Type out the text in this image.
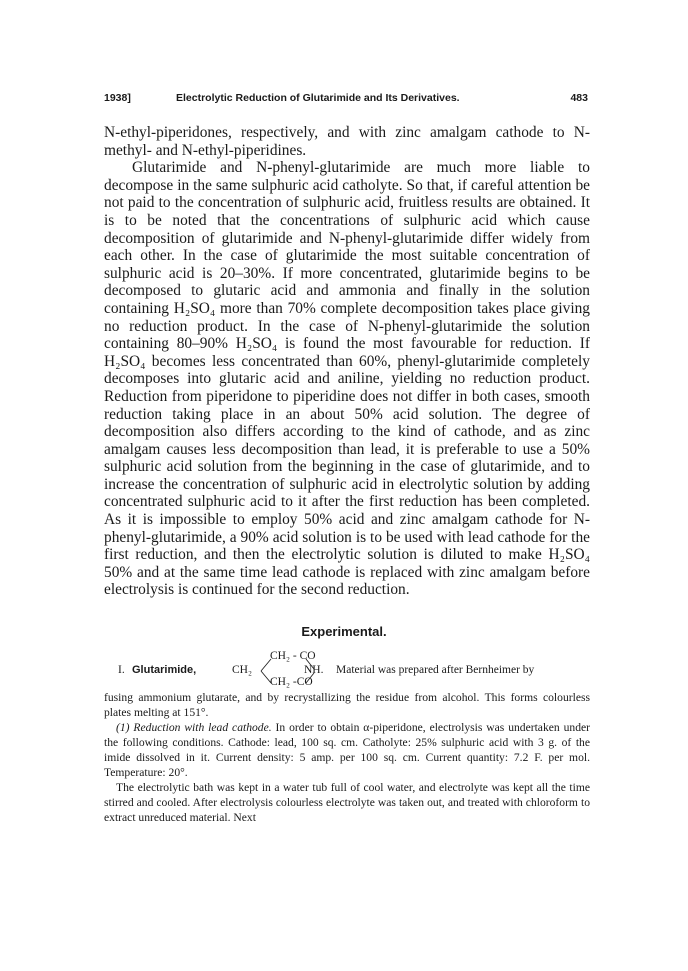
1938]	Electrolytic Reduction of Glutarimide and Its Derivatives.	483

N-ethyl-piperidones, respectively, and with zinc amalgam cathode to N-methyl- and N-ethyl-piperidines.

Glutarimide and N-phenyl-glutarimide are much more liable to decompose in the same sulphuric acid catholyte. So that, if careful attention be not paid to the concentration of sulphuric acid, fruitless results are obtained. It is to be noted that the concentrations of sulphuric acid which cause decomposition of glutarimide and N-phenyl-glutarimide differ widely from each other. In the case of glutarimide the most suitable concentration of sulphuric acid is 20–30%. If more concentrated, glutarimide begins to be decomposed to glutaric acid and ammonia and finally in the solution containing H₂SO₄ more than 70% complete decomposition takes place giving no reduction product. In the case of N-phenyl-glutarimide the solution containing 80–90% H₂SO₄ is found the most favourable for reduction. If H₂SO₄ becomes less concentrated than 60%, phenyl-glutarimide completely decomposes into glutaric acid and aniline, yielding no reduction product. Reduction from piperidone to piperidine does not differ in both cases, smooth reduction taking place in an about 50% acid solution. The degree of decomposition also differs according to the kind of cathode, and as zinc amalgam causes less decomposition than lead, it is preferable to use a 50% sulphuric acid solution from the beginning in the case of glutarimide, and to increase the concentration of sulphuric acid in electrolytic solution by adding concentrated sulphuric acid to it after the first reduction has been completed. As it is impossible to employ 50% acid and zinc amalgam cathode for N-phenyl-glutarimide, a 90% acid solution is to be used with lead cathode for the first reduction, and then the electrolytic solution is diluted to make H₂SO₄ 50% and at the same time lead cathode is replaced with zinc amalgam before electrolysis is continued for the second reduction.

Experimental.
I. Glutarimide,	CH₂
CH₂ - CO
CH₂ -CO
NH. Material was prepared after Bernheimer by

fusing ammonium glutarate, and by recrystallizing the residue from alcohol. This forms colourless plates melting at 151°.

(1) Reduction with lead cathode. In order to obtain α-piperidone, electrolysis was undertaken under the following conditions. Cathode: lead, 100 sq. cm. Catholyte: 25% sulphuric acid with 3 g. of the imide dissolved in it. Current density: 5 amp. per 100 sq. cm. Current quantity: 7.2 F. per mol. Temperature: 20°.

The electrolytic bath was kept in a water tub full of cool water, and electrolyte was kept all the time stirred and cooled. After electrolysis colourless electrolyte was taken out, and treated with chloroform to extract unreduced material. Next
